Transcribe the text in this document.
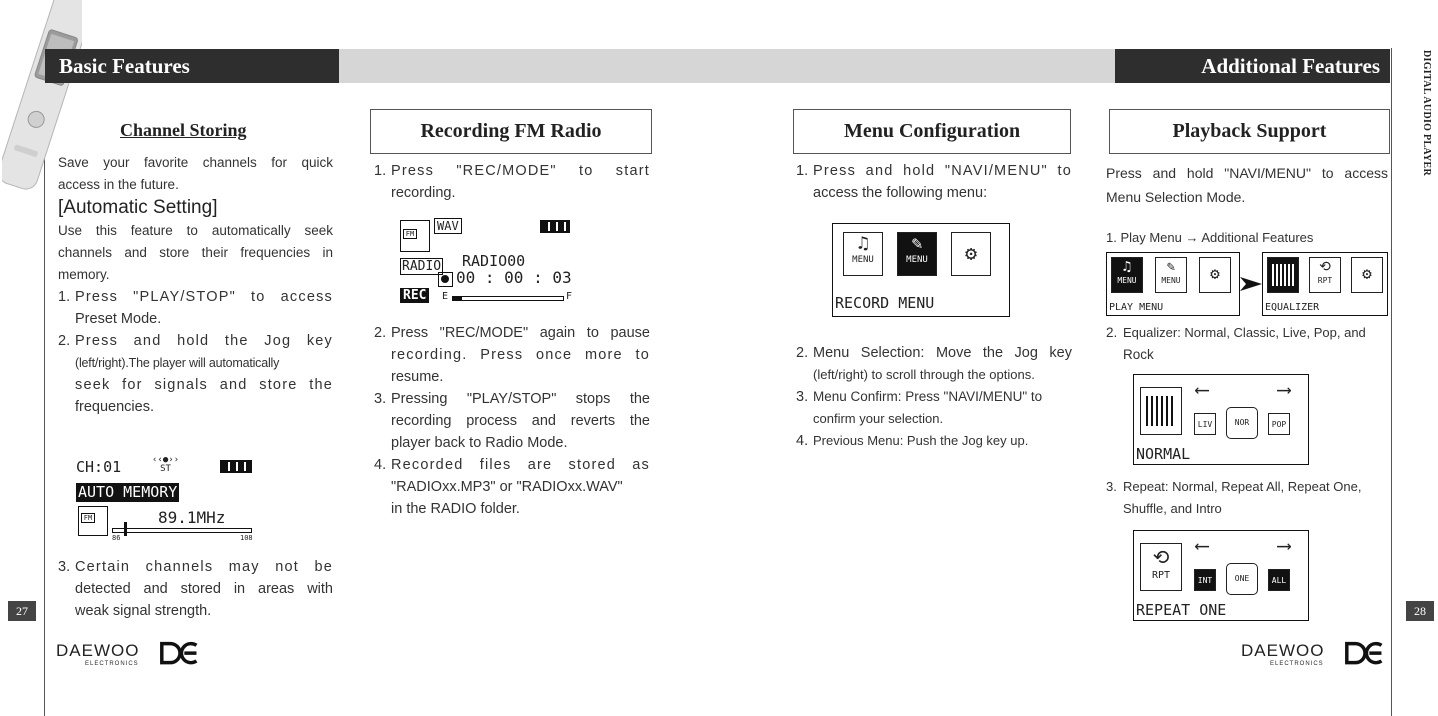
Basic Features	Additional Features	DIGITAL AUDIO PLAYER
27	28
Channel Storing
Save your favorite channels for quick
access in the future.
[Automatic Setting]
Use this feature to automatically seek
channels and store their frequencies in
memory.
1. Press "PLAY/STOP" to access
Preset Mode.
2. Press and hold the Jog key
(left/right).The player will automatically
seek for signals and store the
frequencies.
CH:01	‹‹●››
ST
AUTO MEMORY
FM	89.1MHz
86	108
3. Certain channels may not be
detected and stored in areas with
weak signal strength.
DAEWOO
ELECTRONICS
Recording FM Radio
1. Press "REC/MODE" to start
recording.
FM
WAV
RADIO RADIO00
00 : 00 : 03
REC	E	F
2. Press "REC/MODE" again to pause
recording. Press once more to
resume.
3. Pressing "PLAY/STOP" stops the
recording process and reverts the
player back to Radio Mode.
4. Recorded files are stored as
"RADIOxx.MP3" or "RADIOxx.WAV"
in the RADIO folder.
Menu Configuration
1. Press and hold "NAVI/MENU" to
access the following menu:
♫
MENU
✎
MENU	⚙
RECORD MENU
2. Menu Selection: Move the Jog key
(left/right) to scroll through the options.
3. Menu Confirm: Press "NAVI/MENU" to
confirm your selection.
4. Previous Menu: Push the Jog key up.
Playback Support
Press and hold "NAVI/MENU" to access
Menu Selection Mode.
1. Play Menu → Additional Features
♫
MENU
✎
MENU	⚙
PLAY MENU
⟲
RPT	⚙
EQUALIZER
2. Equalizer: Normal, Classic, Live, Pop, and
Rock
⟵	⟶
LIV	NOR	POP
NORMAL
3. Repeat: Normal, Repeat All, Repeat One,
Shuffle, and Intro
⟲
RPT
⟵	⟶
INT	ONE	ALL
REPEAT ONE
DAEWOO
ELECTRONICS
